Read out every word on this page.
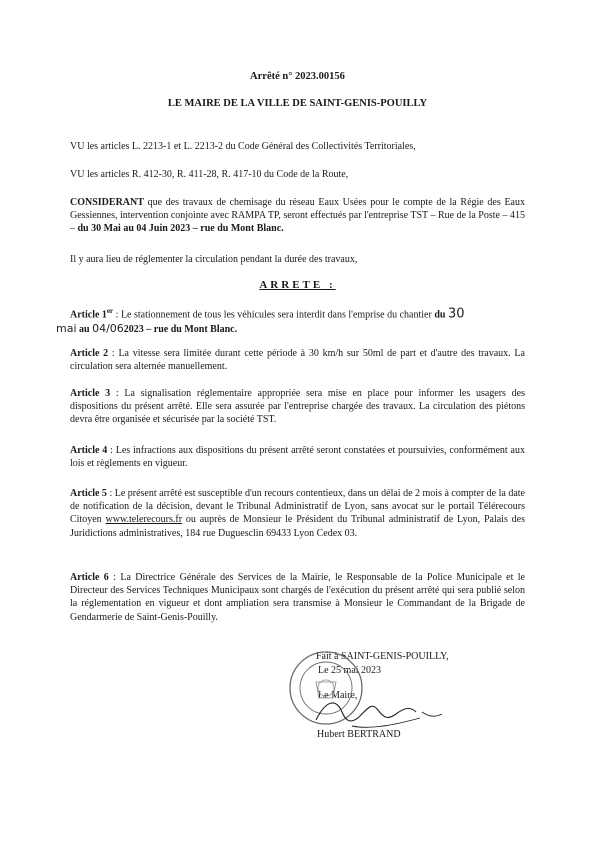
Arrêté n° 2023.00156
LE MAIRE DE LA VILLE DE SAINT-GENIS-POUILLY
VU les articles L. 2213-1 et L. 2213-2 du Code Général des Collectivités Territoriales,
VU les articles R. 412-30, R. 411-28, R. 417-10 du Code de la Route,
CONSIDERANT que des travaux de chemisage du réseau Eaux Usées pour le compte de la Régie des Eaux Gessiennes, intervention conjointe avec RAMPA TP, seront effectués par l'entreprise TST – Rue de la Poste – 415 – du 30 Mai au 04 Juin 2023 – rue du Mont Blanc.
Il y aura lieu de réglementer la circulation pendant la durée des travaux,
ARRETE :
Article 1er : Le stationnement de tous les véhicules sera interdit dans l'emprise du chantier du 30
mai au 04/062023 – rue du Mont Blanc.
Article 2 : La vitesse sera limitée durant cette période à 30 km/h sur 50ml de part et d'autre des travaux. La circulation sera alternée manuellement.
Article 3 : La signalisation réglementaire appropriée sera mise en place pour informer les usagers des dispositions du présent arrêté. Elle sera assurée par l'entreprise chargée des travaux. La circulation des piétons devra être organisée et sécurisée par la société TST.
Article 4 : Les infractions aux dispositions du présent arrêté seront constatées et poursuivies, conformément aux lois et règlements en vigueur.
Article 5 : Le présent arrêté est susceptible d'un recours contentieux, dans un délai de 2 mois à compter de la date de notification de la décision, devant le Tribunal Administratif de Lyon, sans avocat sur le portail Télérecours Citoyen www.telerecours.fr ou auprès de Monsieur le Président du Tribunal administratif de Lyon, Palais des Juridictions administratives, 184 rue Duguesclin 69433 Lyon Cedex 03.
Article 6 : La Directrice Générale des Services de la Mairie, le Responsable de la Police Municipale et le Directeur des Services Techniques Municipaux sont chargés de l'exécution du présent arrêté qui sera publié selon la réglementation en vigueur et dont ampliation sera transmise à Monsieur le Commandant de la Brigade de Gendarmerie de Saint-Genis-Pouilly.
Fait à SAINT-GENIS-POUILLY,
Le 25 mai 2023
Le Maire,
Hubert BERTRAND
